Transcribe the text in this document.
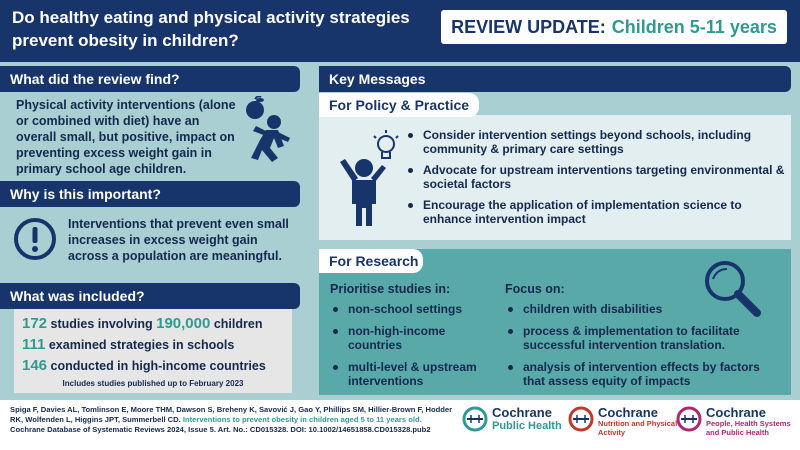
Do healthy eating and physical activity strategies prevent obesity in children?
REVIEW UPDATE: Children 5-11 years
What did the review find?
Physical activity interventions (alone or combined with diet) have an overall small, but positive, impact on preventing excess weight gain in primary school age children.
Why is this important?
Interventions that prevent even small increases in excess weight gain across a population are meaningful.
What was included?
172 studies involving 190,000 children
111 examined strategies in schools
146 conducted in high-income countries
Includes studies published up to February 2023
Key Messages
For Policy & Practice
Consider intervention settings beyond schools, including community & primary care settings
Advocate for upstream interventions targeting environmental & societal factors
Encourage the application of implementation science to enhance intervention impact
For Research
Prioritise studies in:
non-school settings
non-high-income countries
multi-level & upstream interventions
Focus on:
children with disabilities
process & implementation to facilitate successful intervention translation.
analysis of intervention effects by factors that assess equity of impacts
Spiga F, Davies AL, Tomlinson E, Moore THM, Dawson S, Breheny K, Savović J, Gao Y, Phillips SM, Hillier-Brown F, Hodder RK, Wolfenden L, Higgins JPT, Summerbell CD. Interventions to prevent obesity in children aged 5 to 11 years old. Cochrane Database of Systematic Reviews 2024, Issue 5. Art. No.: CD015328. DOI: 10.1002/14651858.CD015328.pub2
Cochrane
Public Health
Cochrane
Nutrition and Physical Activity
Cochrane
People, Health Systems and Public Health
